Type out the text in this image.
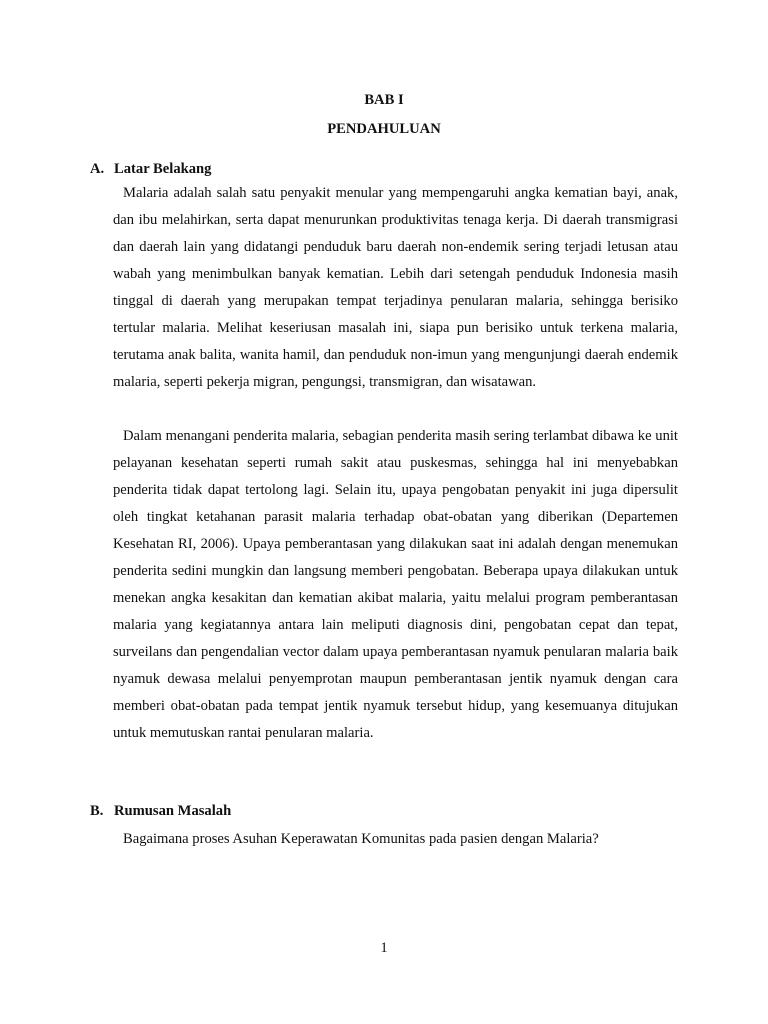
BAB I

PENDAHULUAN

A. Latar Belakang

Malaria adalah salah satu penyakit menular yang mempengaruhi angka kematian bayi, anak, dan ibu melahirkan, serta dapat menurunkan produktivitas tenaga kerja. Di daerah transmigrasi dan daerah lain yang didatangi penduduk baru daerah non-endemik sering terjadi letusan atau wabah yang menimbulkan banyak kematian. Lebih dari setengah penduduk Indonesia masih tinggal di daerah yang merupakan tempat terjadinya penularan malaria, sehingga berisiko tertular malaria. Melihat keseriusan masalah ini, siapa pun berisiko untuk terkena malaria, terutama anak balita, wanita hamil, dan penduduk non-imun yang mengunjungi daerah endemik malaria, seperti pekerja migran, pengungsi, transmigran, dan wisatawan.

Dalam menangani penderita malaria, sebagian penderita masih sering terlambat dibawa ke unit pelayanan kesehatan seperti rumah sakit atau puskesmas, sehingga hal ini menyebabkan penderita tidak dapat tertolong lagi. Selain itu, upaya pengobatan penyakit ini juga dipersulit oleh tingkat ketahanan parasit malaria terhadap obat-obatan yang diberikan (Departemen Kesehatan RI, 2006). Upaya pemberantasan yang dilakukan saat ini adalah dengan menemukan penderita sedini mungkin dan langsung memberi pengobatan. Beberapa upaya dilakukan untuk menekan angka kesakitan dan kematian akibat malaria, yaitu melalui program pemberantasan malaria yang kegiatannya antara lain meliputi diagnosis dini, pengobatan cepat dan tepat, surveilans dan pengendalian vector dalam upaya pemberantasan nyamuk penularan malaria baik nyamuk dewasa melalui penyemprotan maupun pemberantasan jentik nyamuk dengan cara memberi obat-obatan pada tempat jentik nyamuk tersebut hidup, yang kesemuanya ditujukan untuk memutuskan rantai penularan malaria.

B. Rumusan Masalah

Bagaimana proses Asuhan Keperawatan Komunitas pada pasien dengan Malaria?

1
